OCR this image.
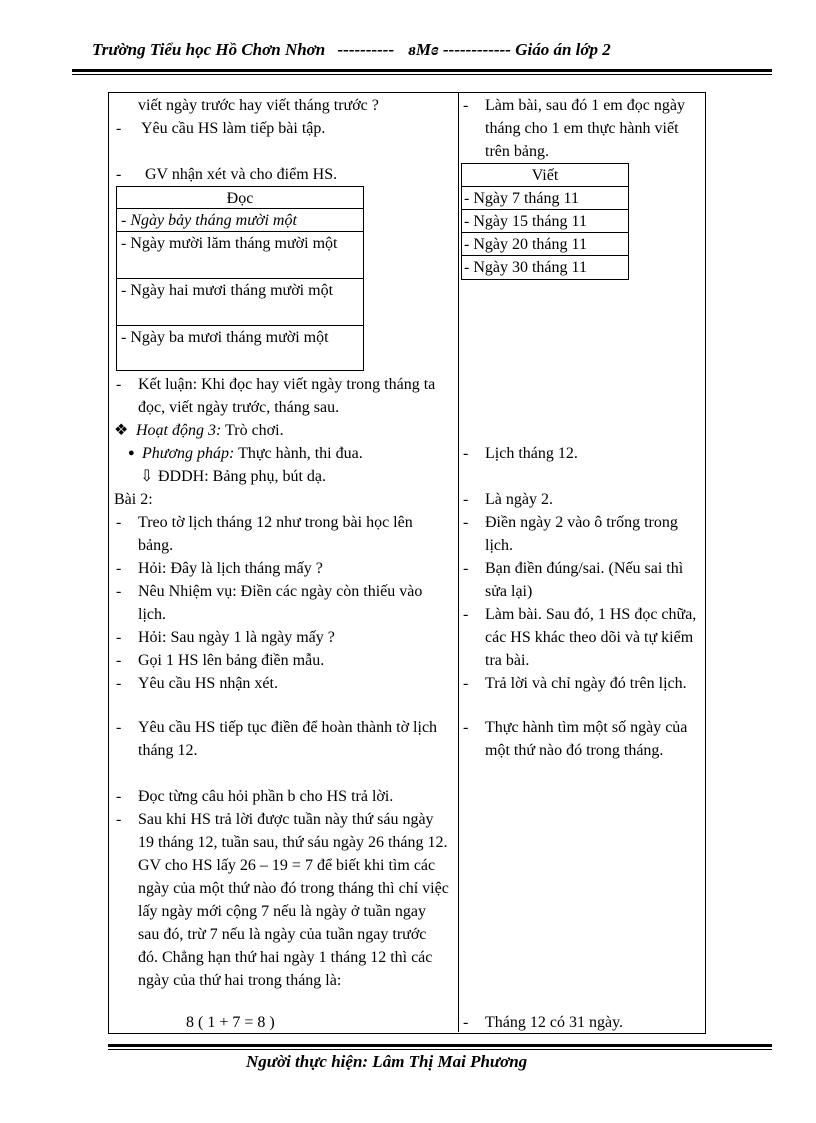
Trường Tiểu học Hồ Chơn Nhơn ---------- ᴕMɞ ------------ Giáo án lớp 2
viết ngày trước hay viết tháng trước ?
- Yêu cầu HS làm tiếp bài tập.
- GV nhận xét và cho điểm HS.
Đọc
- Ngày bảy tháng mười một
- Ngày mười lăm tháng mười một
- Ngày hai mươi tháng mười một
- Ngày ba mươi tháng mười một
- Kết luận: Khi đọc hay viết ngày trong tháng ta đọc, viết ngày trước, tháng sau.
❖ Hoạt động 3: Trò chơi.
● Phương pháp: Thực hành, thi đua.
⇩ ĐDDH: Bảng phụ, bút dạ.
Bài 2:
- Treo tờ lịch tháng 12 như trong bài học lên bảng.
- Hỏi: Đây là lịch tháng mấy ?
- Nêu Nhiệm vụ: Điền các ngày còn thiếu vào lịch.
- Hỏi: Sau ngày 1 là ngày mấy ?
- Gọi 1 HS lên bảng điền mẫu.
- Yêu cầu HS nhận xét.
- Yêu cầu HS tiếp tục điền để hoàn thành tờ lịch tháng 12.
- Đọc từng câu hỏi phần b cho HS trả lời.
- Sau khi HS trả lời được tuần này thứ sáu ngày 19 tháng 12, tuần sau, thứ sáu ngày 26 tháng 12. GV cho HS lấy 26 – 19 = 7 để biết khi tìm các ngày của một thứ nào đó trong tháng thì chỉ việc lấy ngày mới cộng 7 nếu là ngày ở tuần ngay sau đó, trừ 7 nếu là ngày của tuần ngay trước đó. Chẳng hạn thứ hai ngày 1 tháng 12 thì các ngày của thứ hai trong tháng là:
8 ( 1 + 7 = 8 )
- Làm bài, sau đó 1 em đọc ngày tháng cho 1 em thực hành viết trên bảng.
Viết
- Ngày 7 tháng 11
- Ngày 15 tháng 11
- Ngày 20 tháng 11
- Ngày 30 tháng 11
- Lịch tháng 12.
- Là ngày 2.
- Điền ngày 2 vào ô trống trong lịch.
- Bạn điền đúng/sai. (Nếu sai thì sửa lại)
- Làm bài. Sau đó, 1 HS đọc chữa, các HS khác theo dõi và tự kiểm tra bài.
- Trả lời và chỉ ngày đó trên lịch.
- Thực hành tìm một số ngày của một thứ nào đó trong tháng.
- Tháng 12 có 31 ngày.
Người thực hiện: Lâm Thị Mai Phương
